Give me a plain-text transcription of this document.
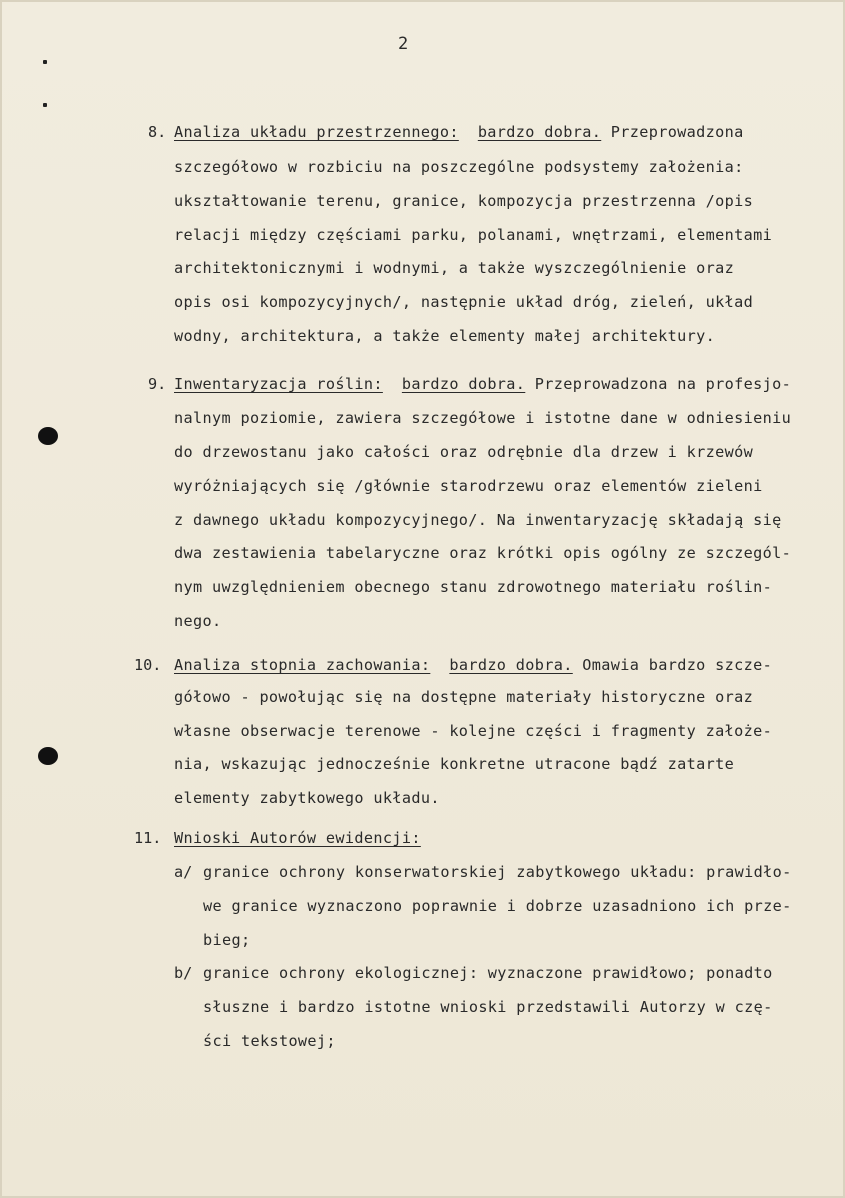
2
8. Analiza układu przestrzennego: bardzo dobra. Przeprowadzona
szczegółowo w rozbiciu na poszczególne podsystemy założenia:
ukształtowanie terenu, granice, kompozycja przestrzenna /opis
relacji między częściami parku, polanami, wnętrzami, elementami
architektonicznymi i wodnymi, a także wyszczególnienie oraz
opis osi kompozycyjnych/, następnie układ dróg, zieleń, układ
wodny, architektura, a także elementy małej architektury.
9. Inwentaryzacja roślin: bardzo dobra. Przeprowadzona na profesjo-
nalnym poziomie, zawiera szczegółowe i istotne dane w odniesieniu
do drzewostanu jako całości oraz odrębnie dla drzew i krzewów
wyróżniających się /głównie starodrzewu oraz elementów zieleni
z dawnego układu kompozycyjnego/. Na inwentaryzację składają się
dwa zestawienia tabelaryczne oraz krótki opis ogólny ze szczegól-
nym uwzględnieniem obecnego stanu zdrowotnego materiału roślin-
nego.
10. Analiza stopnia zachowania: bardzo dobra. Omawia bardzo szcze-
gółowo - powołując się na dostępne materiały historyczne oraz
własne obserwacje terenowe - kolejne części i fragmenty założe-
nia, wskazując jednocześnie konkretne utracone bądź zatarte
elementy zabytkowego układu.
11. Wnioski Autorów ewidencji:
a/ granice ochrony konserwatorskiej zabytkowego układu: prawidło-
we granice wyznaczono poprawnie i dobrze uzasadniono ich prze-
bieg;
b/ granice ochrony ekologicznej: wyznaczone prawidłowo; ponadto
słuszne i bardzo istotne wnioski przedstawili Autorzy w czę-
ści tekstowej;
